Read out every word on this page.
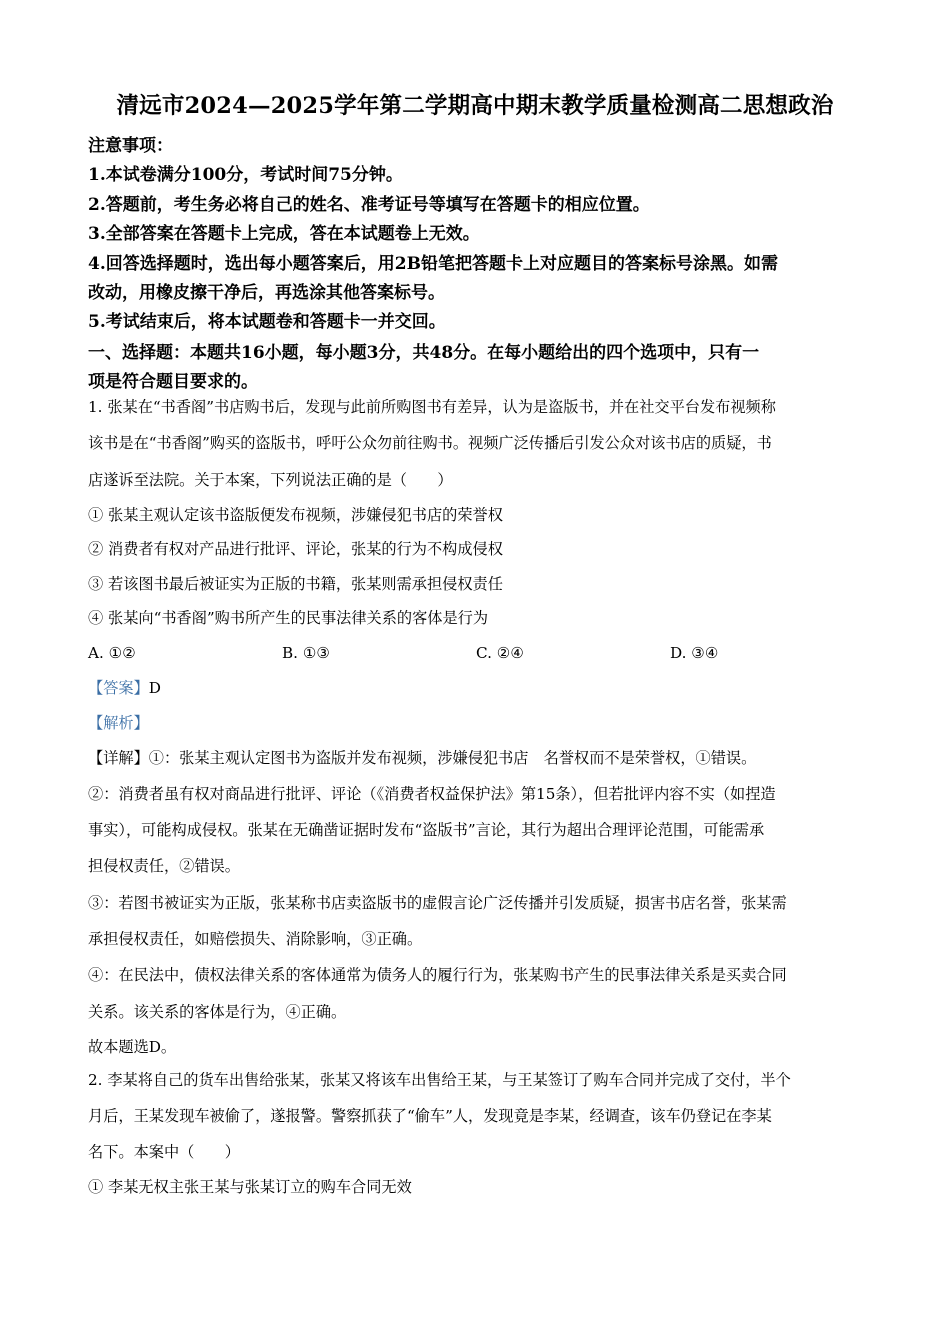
清远市2024—2025学年第二学期高中期末教学质量检测高二思想政治
注意事项：
1.本试卷满分100分，考试时间75分钟。
2.答题前，考生务必将自己的姓名、准考证号等填写在答题卡的相应位置。
3.全部答案在答题卡上完成，答在本试题卷上无效。
4.回答选择题时，选出每小题答案后，用2B铅笔把答题卡上对应题目的答案标号涂黑。如需
改动，用橡皮擦干净后，再选涂其他答案标号。
5.考试结束后，将本试题卷和答题卡一并交回。
一、选择题：本题共16小题，每小题3分，共48分。在每小题给出的四个选项中，只有一
项是符合题目要求的。
1. 张某在“书香阁”书店购书后，发现与此前所购图书有差异，认为是盗版书，并在社交平台发布视频称
该书是在“书香阁”购买的盗版书，呼吁公众勿前往购书。视频广泛传播后引发公众对该书店的质疑，书
店遂诉至法院。关于本案，下列说法正确的是（　　）
① 张某主观认定该书盗版便发布视频，涉嫌侵犯书店的荣誉权
② 消费者有权对产品进行批评、评论，张某的行为不构成侵权
③ 若该图书最后被证实为正版的书籍，张某则需承担侵权责任
④ 张某向“书香阁”购书所产生的民事法律关系的客体是行为
A. ①②	B. ①③	C. ②④	D. ③④
【答案】D
【解析】
【详解】①：张某主观认定图书为盗版并发布视频，涉嫌侵犯书店　名誉权而不是荣誉权，①错误。
②：消费者虽有权对商品进行批评、评论（《消费者权益保护法》第15条），但若批评内容不实（如捏造
事实），可能构成侵权。张某在无确凿证据时发布“盗版书”言论，其行为超出合理评论范围，可能需承
担侵权责任，②错误。
③：若图书被证实为正版，张某称书店卖盗版书的虚假言论广泛传播并引发质疑，损害书店名誉，张某需
承担侵权责任，如赔偿损失、消除影响，③正确。
④：在民法中，债权法律关系的客体通常为债务人的履行行为，张某购书产生的民事法律关系是买卖合同
关系。该关系的客体是行为，④正确。
故本题选D。
2. 李某将自己的货车出售给张某，张某又将该车出售给王某，与王某签订了购车合同并完成了交付，半个
月后，王某发现车被偷了，遂报警。警察抓获了“偷车”人，发现竟是李某，经调查，该车仍登记在李某
名下。本案中（　　）
① 李某无权主张王某与张某订立的购车合同无效
